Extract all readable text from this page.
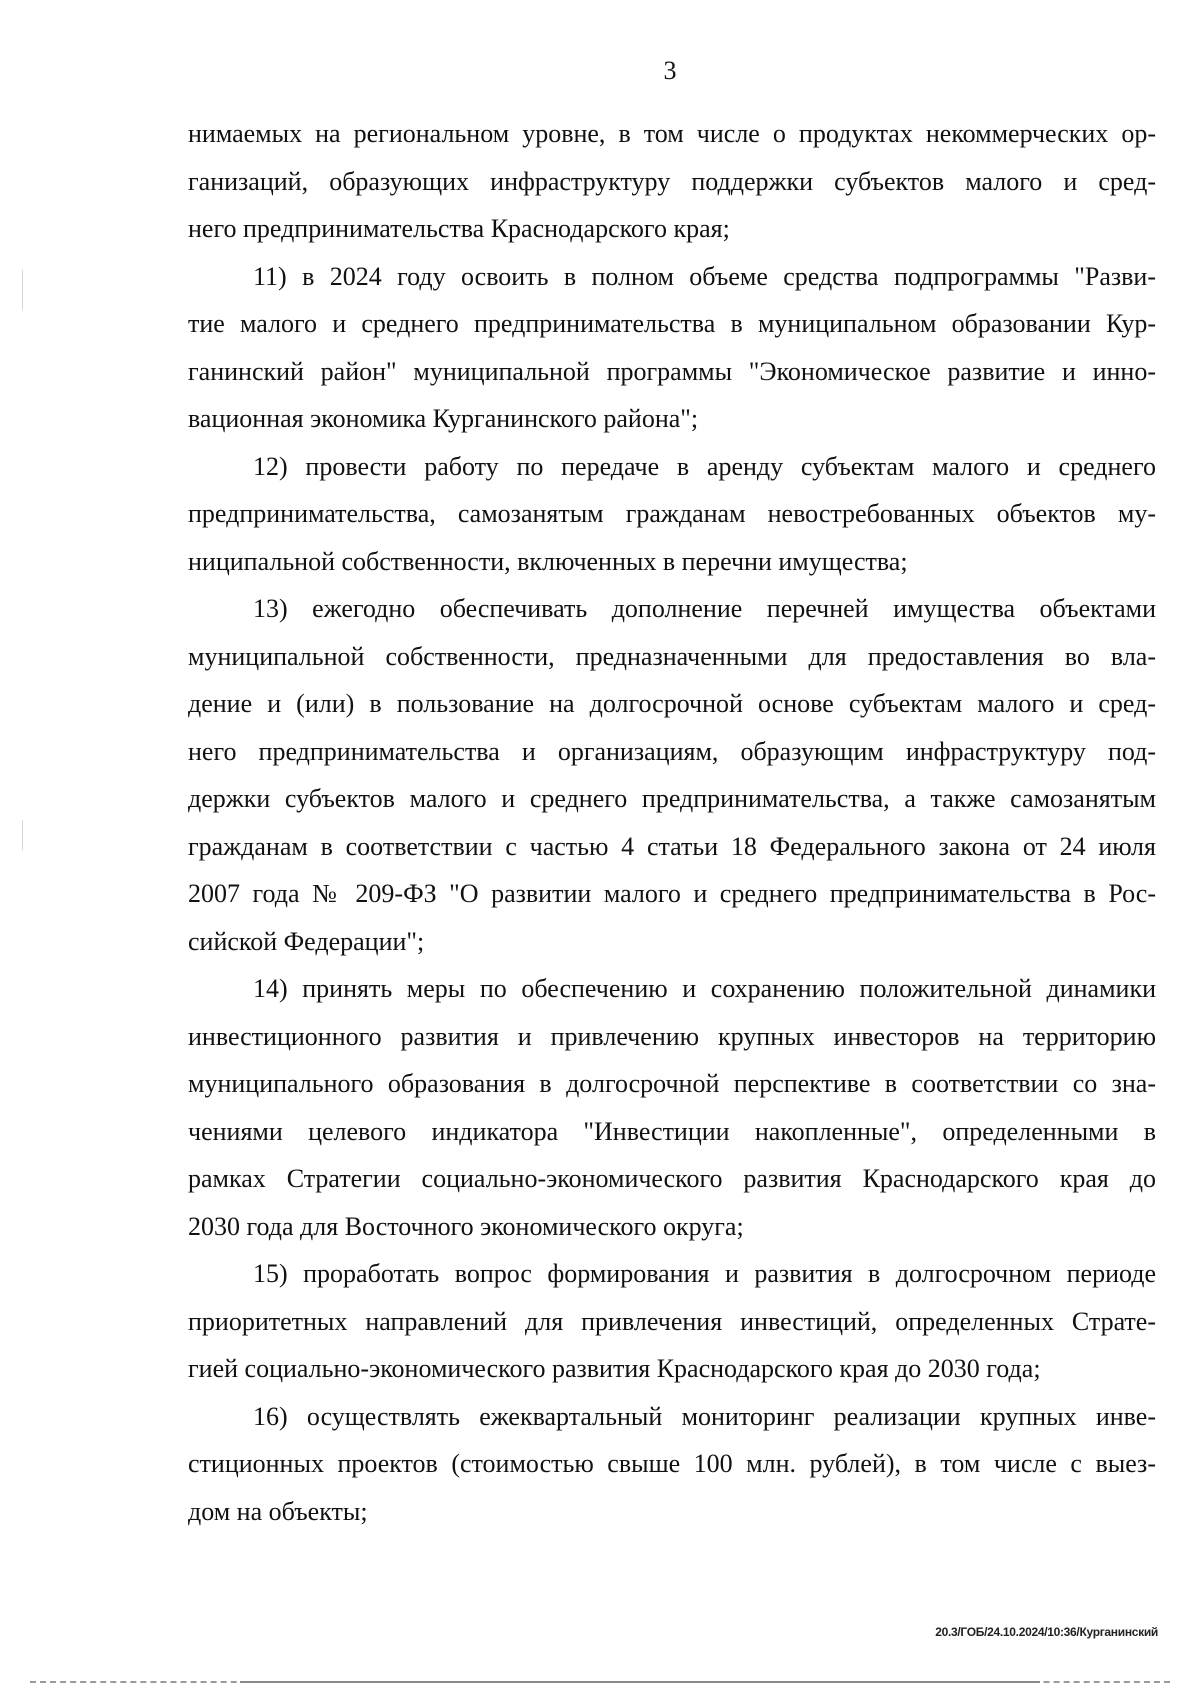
3
нимаемых на региональном уровне, в том числе о продуктах некоммерческих ор-
ганизаций, образующих инфраструктуру поддержки субъектов малого и сред-
него предпринимательства Краснодарского края;
11) в 2024 году освоить в полном объеме средства подпрограммы "Разви-
тие малого и среднего предпринимательства в муниципальном образовании Кур-
ганинский район" муниципальной программы "Экономическое развитие и инно-
вационная экономика Курганинского района";
12) провести работу по передаче в аренду субъектам малого и среднего
предпринимательства, самозанятым гражданам невостребованных объектов му-
ниципальной собственности, включенных в перечни имущества;
13) ежегодно обеспечивать дополнение перечней имущества объектами
муниципальной собственности, предназначенными для предоставления во вла-
дение и (или) в пользование на долгосрочной основе субъектам малого и сред-
него предпринимательства и организациям, образующим инфраструктуру под-
держки субъектов малого и среднего предпринимательства, а также самозанятым
гражданам в соответствии с частью 4 статьи 18 Федерального закона от 24 июля
2007 года № 209-ФЗ "О развитии малого и среднего предпринимательства в Рос-
сийской Федерации";
14) принять меры по обеспечению и сохранению положительной динамики
инвестиционного развития и привлечению крупных инвесторов на территорию
муниципального образования в долгосрочной перспективе в соответствии со зна-
чениями целевого индикатора "Инвестиции накопленные", определенными в
рамках Стратегии социально-экономического развития Краснодарского края до
2030 года для Восточного экономического округа;
15) проработать вопрос формирования и развития в долгосрочном периоде
приоритетных направлений для привлечения инвестиций, определенных Страте-
гией социально-экономического развития Краснодарского края до 2030 года;
16) осуществлять ежеквартальный мониторинг реализации крупных инве-
стиционных проектов (стоимостью свыше 100 млн. рублей), в том числе с выез-
дом на объекты;
20.3/ГОБ/24.10.2024/10:36/Курганинский
